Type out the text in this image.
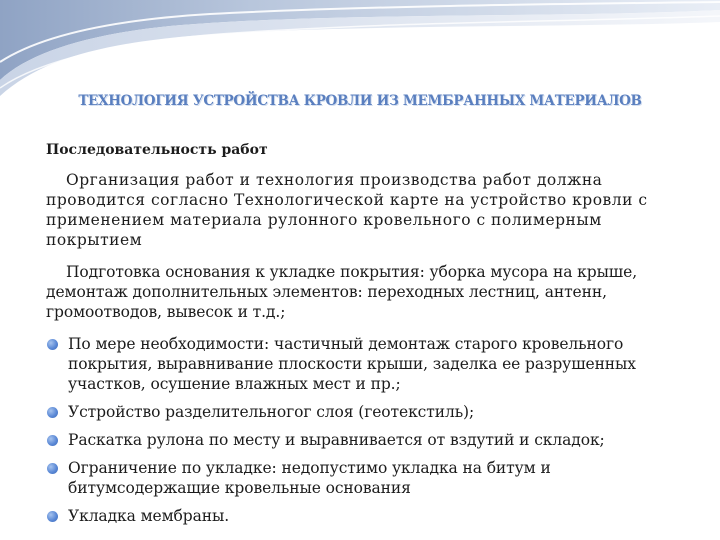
ТЕХНОЛОГИЯ УСТРОЙСТВА КРОВЛИ ИЗ МЕМБРАННЫХ МАТЕРИАЛОВ
Последовательность работ

Организация работ и технология производства работ должна проводится согласно Технологической карте на устройство кровли с применением материала рулонного кровельного с полимерным покрытием

Подготовка основания к укладке покрытия: уборка мусора на крыше, демонтаж дополнительных элементов: переходных лестниц, антенн, громоотводов, вывесок и т.д.;

По мере необходимости: частичный демонтаж старого кровельного покрытия, выравнивание плоскости крыши, заделка ее разрушенных участков, осушение влажных мест и пр.;
Устройство разделительногог слоя (геотекстиль);
Раскатка рулона по месту и выравнивается от вздутий и складок;
Ограничение по укладке: недопустимо укладка на битум и битумсодержащие кровельные основания
Укладка мембраны.
